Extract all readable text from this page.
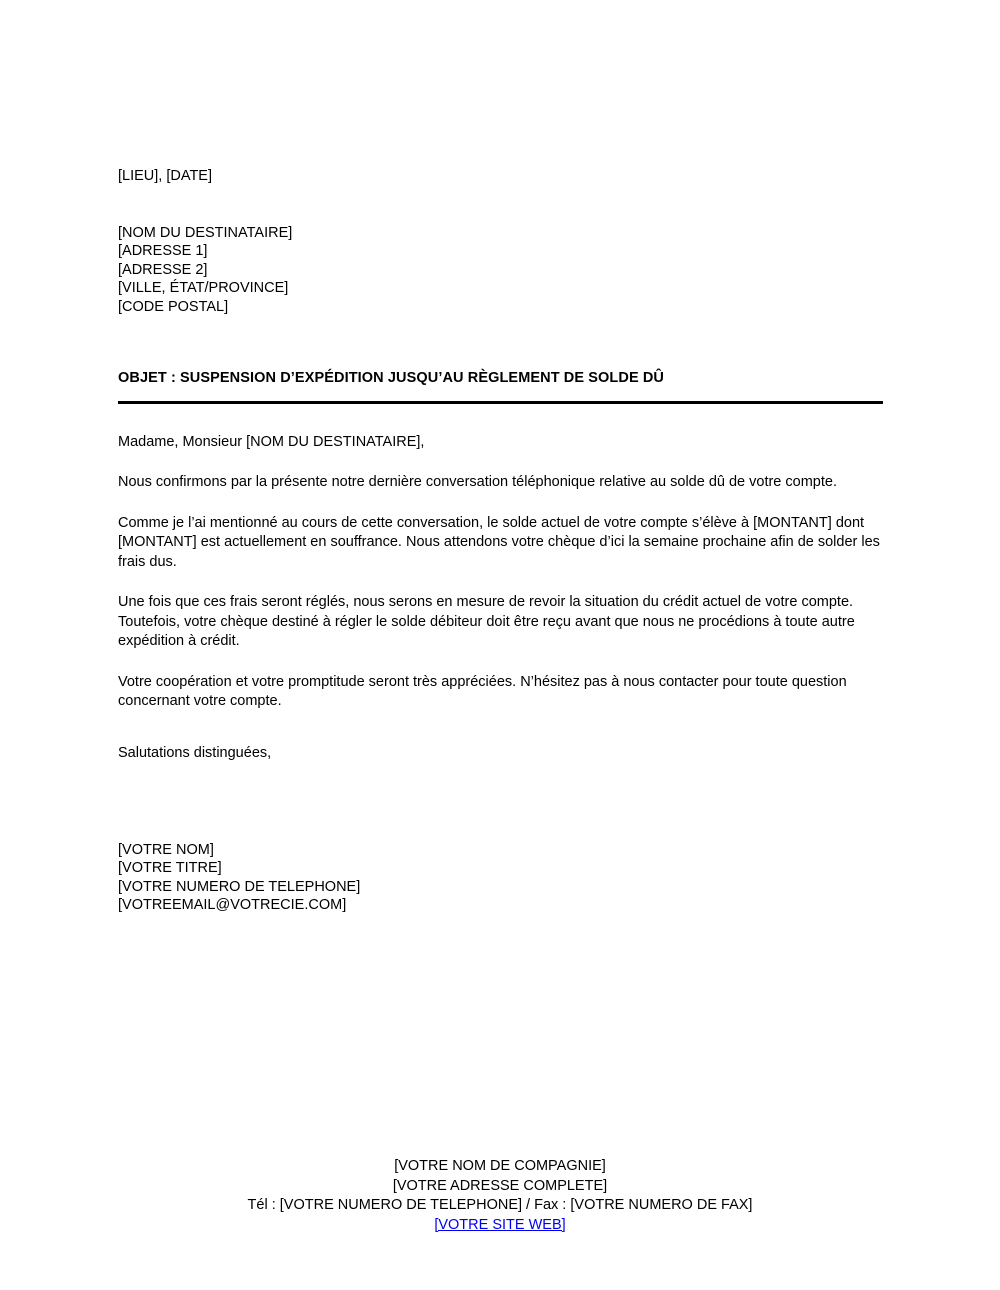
[LIEU], [DATE]
[NOM DU DESTINATAIRE]
[ADRESSE 1]
[ADRESSE 2]
[VILLE, ÉTAT/PROVINCE]
[CODE POSTAL]
OBJET : SUSPENSION D’EXPÉDITION JUSQU’AU RÈGLEMENT DE SOLDE DÛ

Madame, Monsieur [NOM DU DESTINATAIRE],

Nous confirmons par la présente notre dernière conversation téléphonique relative au solde dû de votre compte.

Comme je l’ai mentionné au cours de cette conversation, le solde actuel de votre compte s’élève à [MONTANT] dont [MONTANT] est actuellement en souffrance. Nous attendons votre chèque d’ici la semaine prochaine afin de solder les frais dus.

Une fois que ces frais seront réglés, nous serons en mesure de revoir la situation du crédit actuel de votre compte. Toutefois, votre chèque destiné à régler le solde débiteur doit être reçu avant que nous ne procédions à toute autre expédition à crédit.

Votre coopération et votre promptitude seront très appréciées. N’hésitez pas à nous contacter pour toute question concernant votre compte.

Salutations distinguées,

[VOTRE NOM]
[VOTRE TITRE]
[VOTRE NUMERO DE TELEPHONE]
[VOTREEMAIL@VOTRECIE.COM]
[VOTRE NOM DE COMPAGNIE]
[VOTRE ADRESSE COMPLETE]
Tél : [VOTRE NUMERO DE TELEPHONE] / Fax : [VOTRE NUMERO DE FAX]
[VOTRE SITE WEB]
